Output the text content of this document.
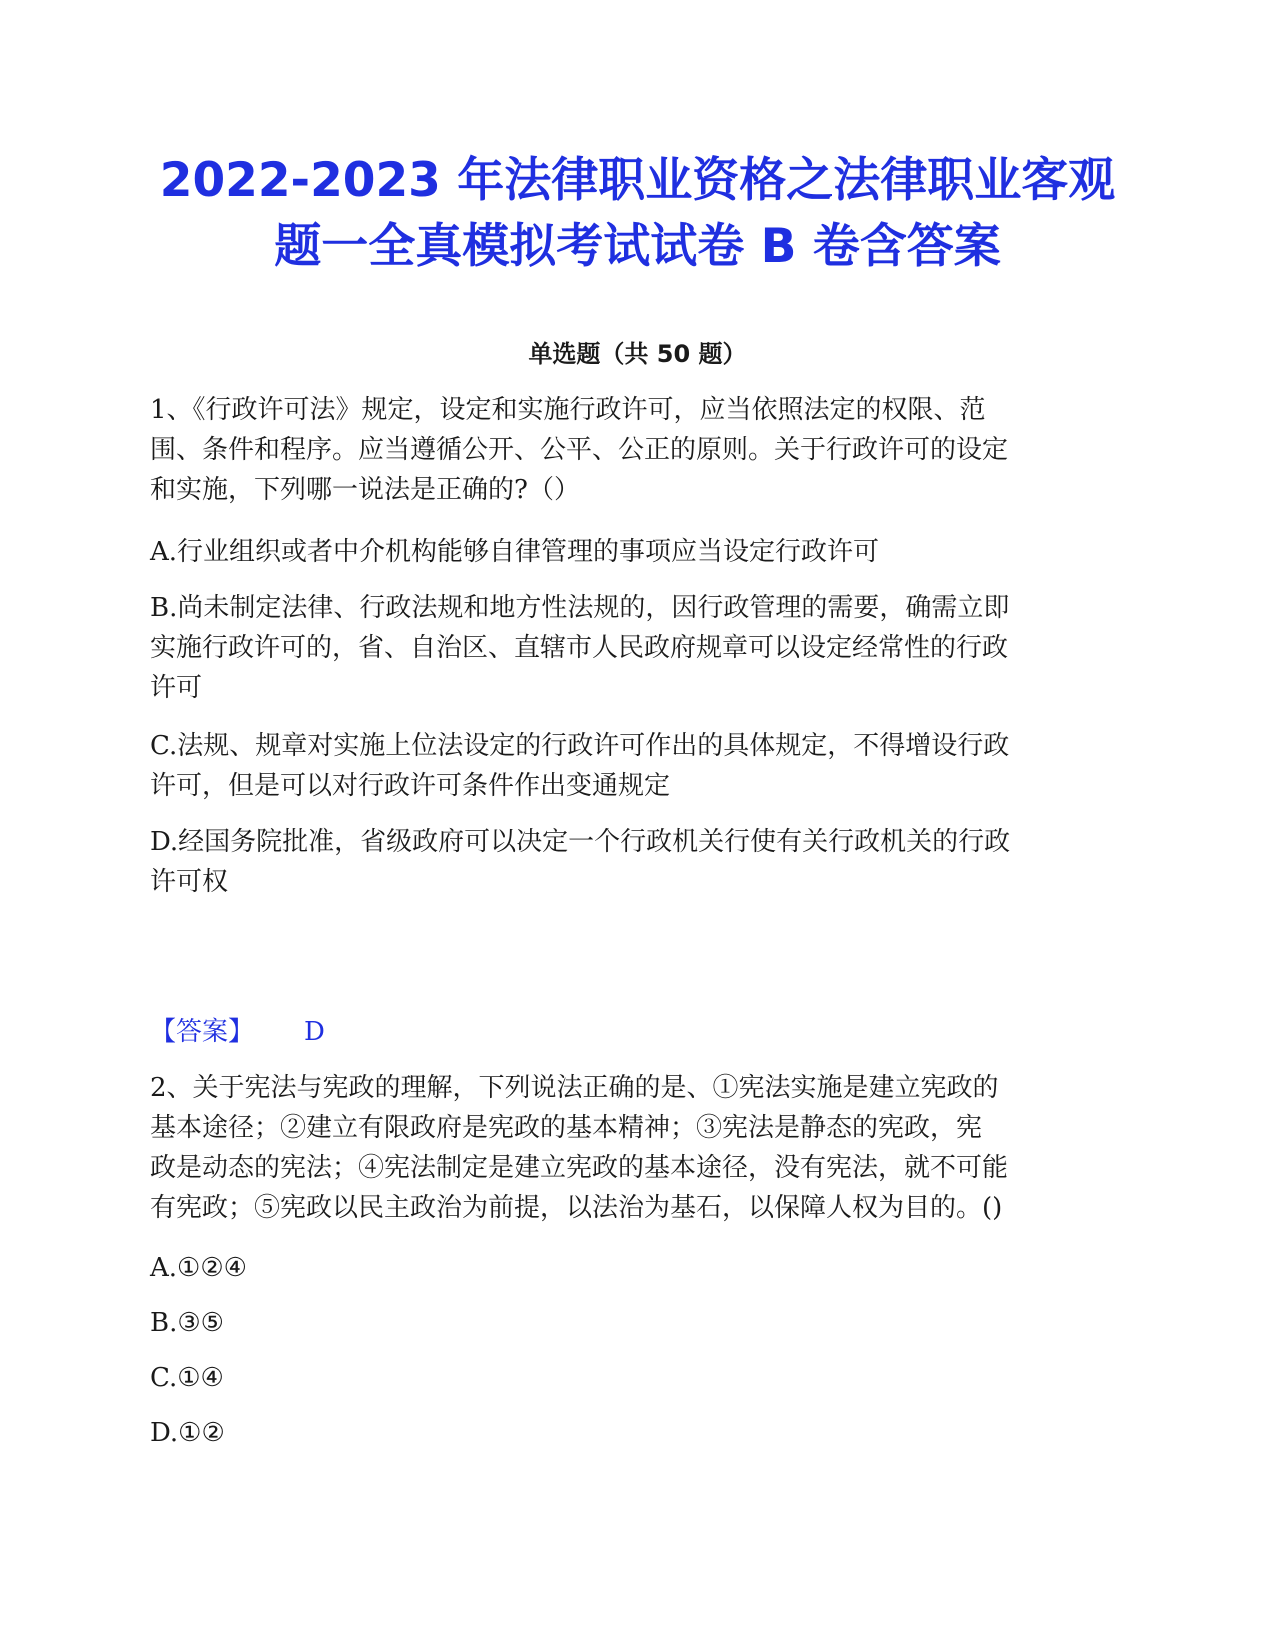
2022-2023 年法律职业资格之法律职业客观
题一全真模拟考试试卷 B 卷含答案
单选题（共 50 题）
1、《行政许可法》规定，设定和实施行政许可，应当依照法定的权限、范
围、条件和程序。应当遵循公开、公平、公正的原则。关于行政许可的设定
和实施，下列哪一说法是正确的?（）
A.行业组织或者中介机构能够自律管理的事项应当设定行政许可
B.尚未制定法律、行政法规和地方性法规的，因行政管理的需要，确需立即
实施行政许可的，省、自治区、直辖市人民政府规章可以设定经常性的行政
许可
C.法规、规章对实施上位法设定的行政许可作出的具体规定，不得增设行政
许可，但是可以对行政许可条件作出变通规定
D.经国务院批准，省级政府可以决定一个行政机关行使有关行政机关的行政
许可权
【答案】 D
2、关于宪法与宪政的理解，下列说法正确的是、①宪法实施是建立宪政的
基本途径；②建立有限政府是宪政的基本精神；③宪法是静态的宪政，宪
政是动态的宪法；④宪法制定是建立宪政的基本途径，没有宪法，就不可能
有宪政；⑤宪政以民主政治为前提，以法治为基石，以保障人权为目的。()
A.①②④
B.③⑤
C.①④
D.①②
